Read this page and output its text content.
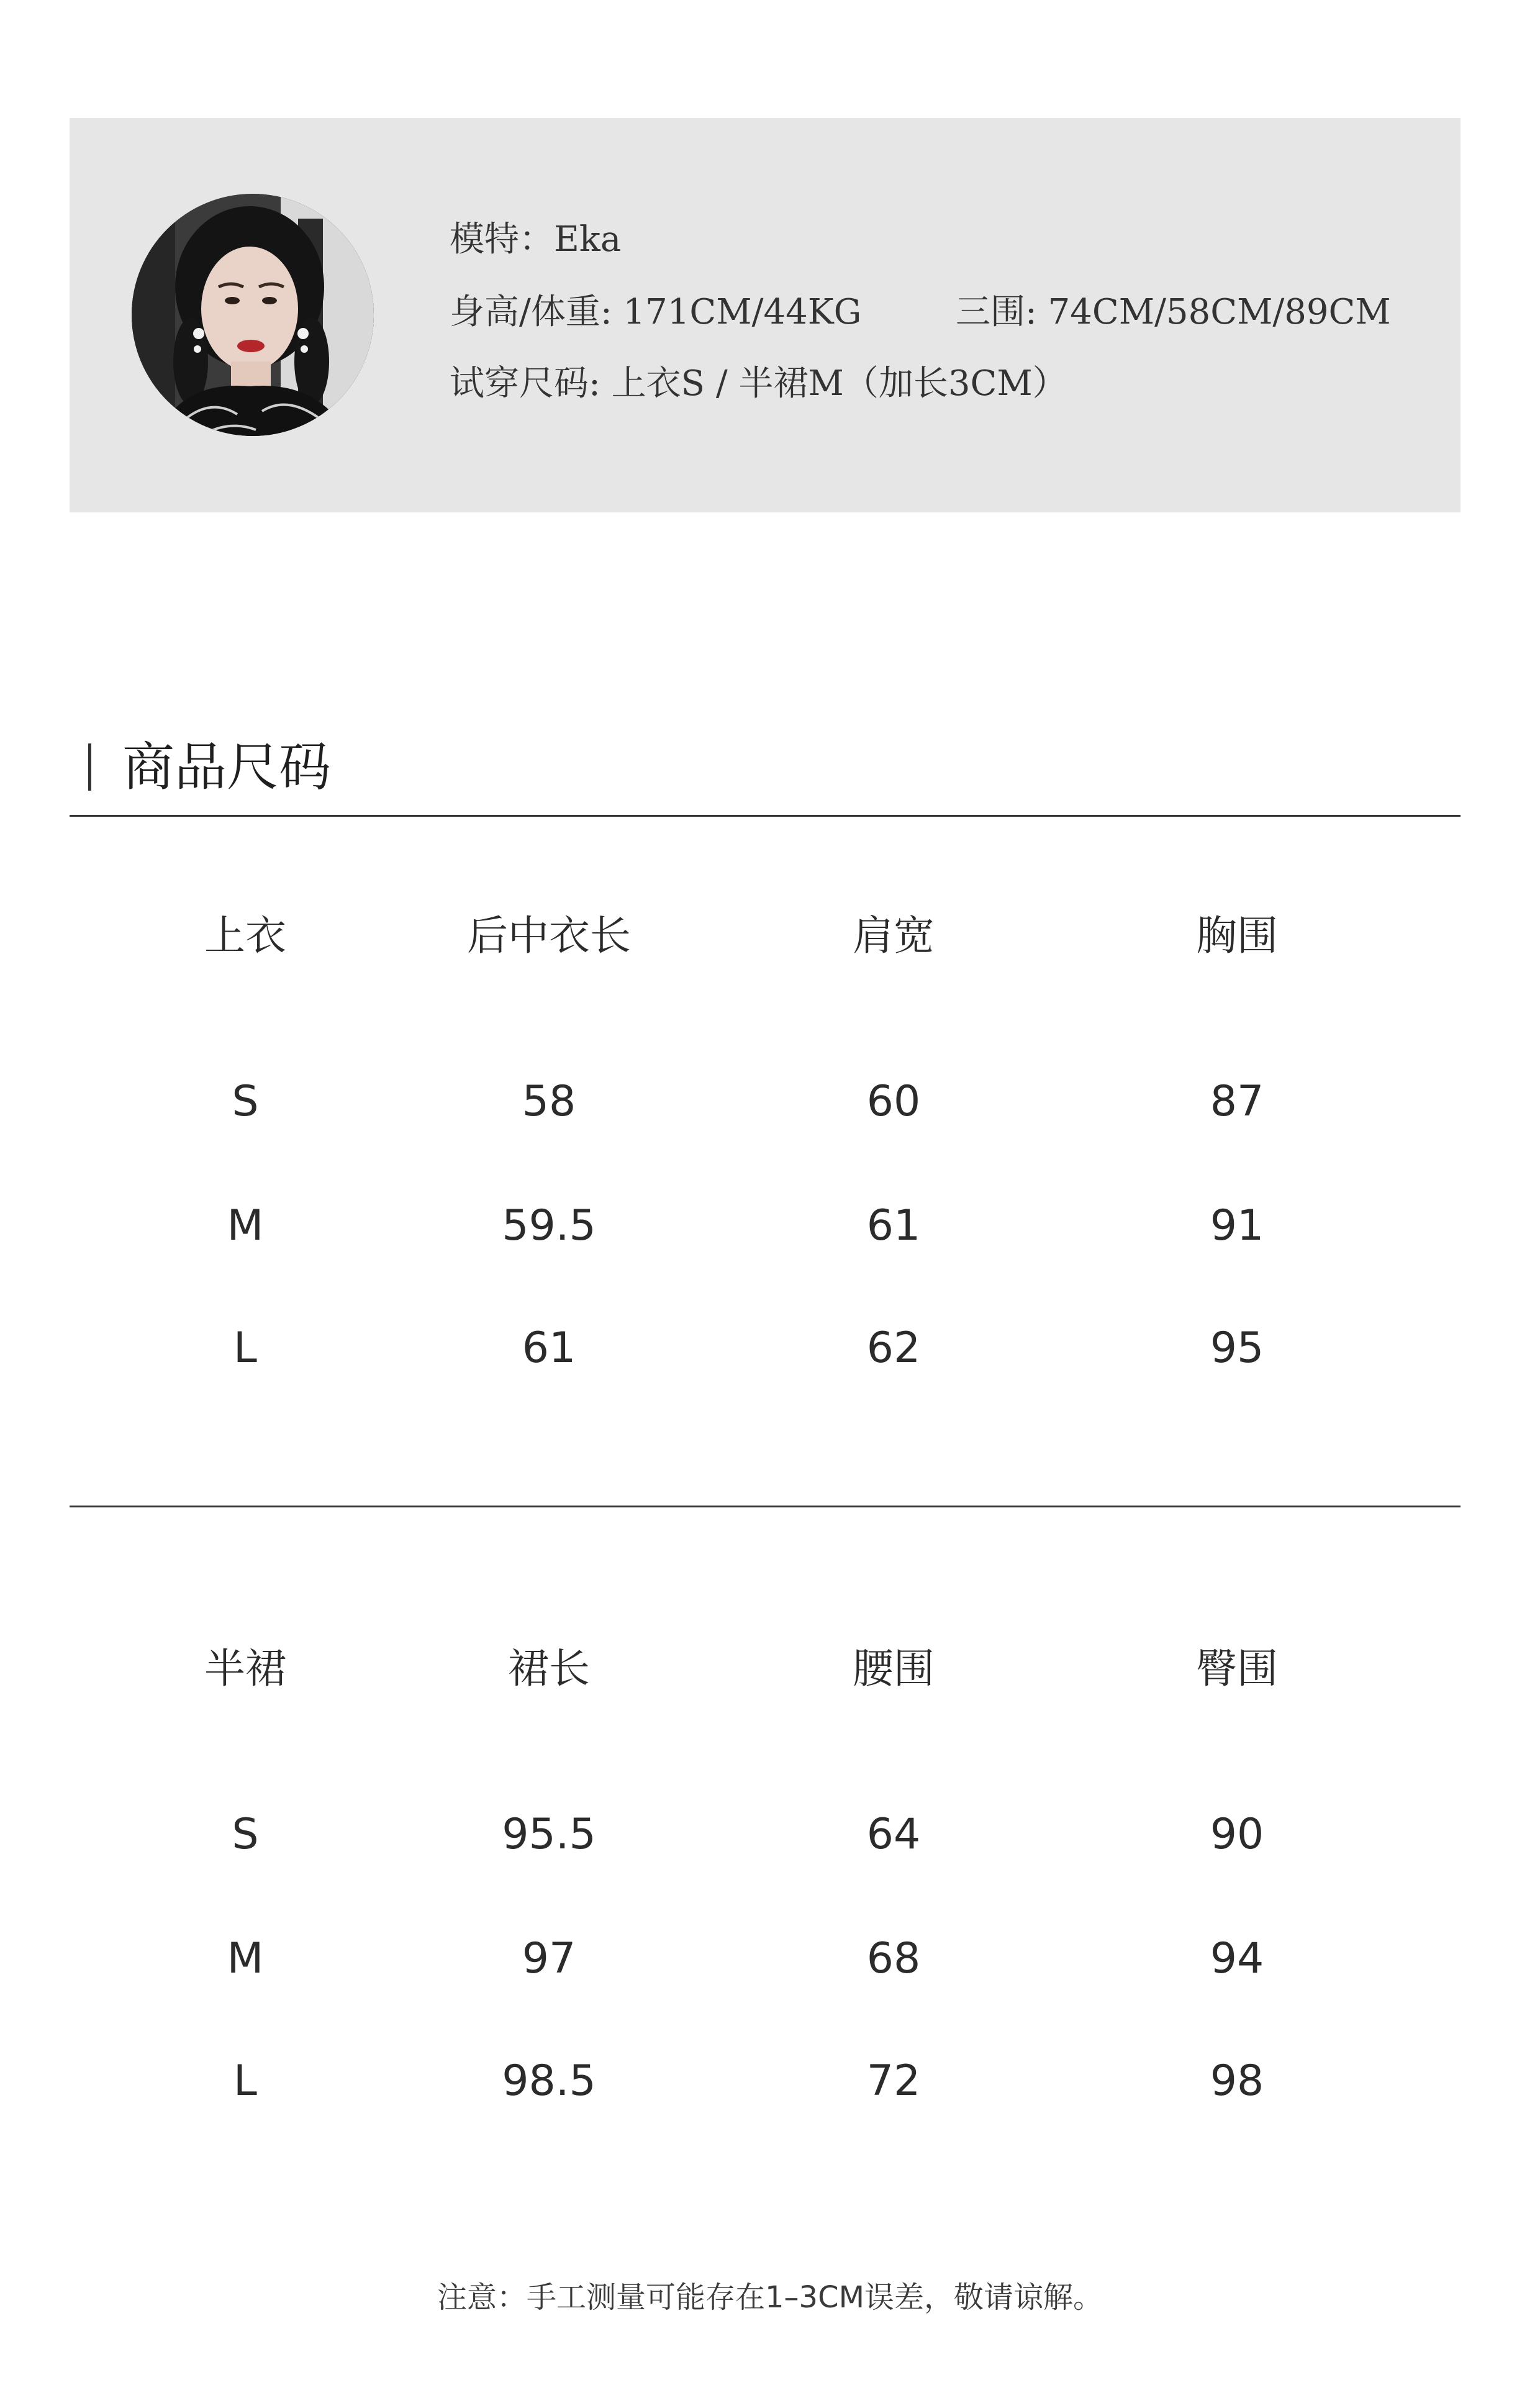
模特：Eka
身高/体重: 171CM/44KG	三围: 74CM/58CM/89CM
试穿尺码: 上衣S / 半裙M（加长3CM）
商品尺码
上衣	后中衣长	肩宽	胸围
S	58	60	87
M	59.5	61	91
L	61	62	95
半裙	裙长	腰围	臀围
S	95.5	64	90
M	97	68	94
L	98.5	72	98
注意：手工测量可能存在1–3CM误差，敬请谅解。
